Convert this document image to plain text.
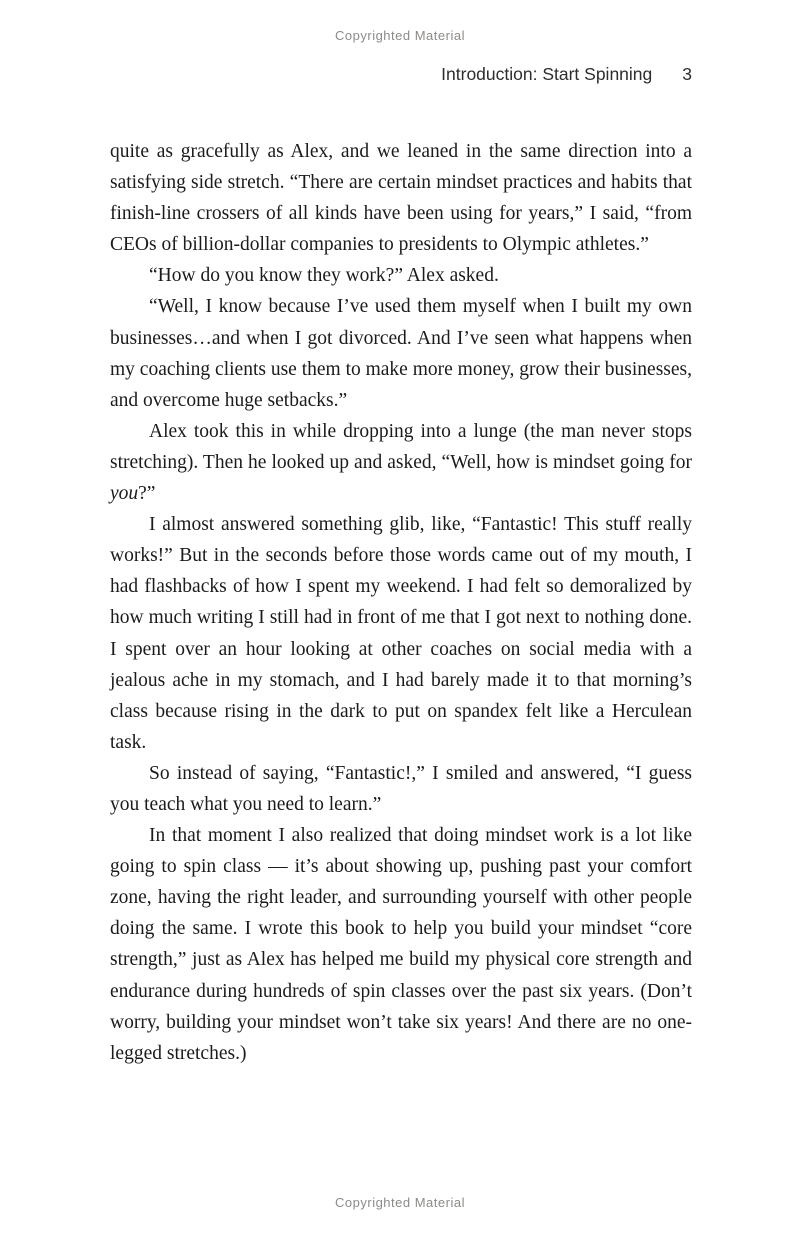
Copyrighted Material
Introduction: Start Spinning 3

quite as gracefully as Alex, and we leaned in the same direction into a satisfying side stretch. “There are certain mindset practices and habits that finish-line crossers of all kinds have been using for years,” I said, “from CEOs of billion-dollar companies to presidents to Olympic athletes.”

“How do you know they work?” Alex asked.

“Well, I know because I’ve used them myself when I built my own businesses…and when I got divorced. And I’ve seen what happens when my coaching clients use them to make more money, grow their businesses, and overcome huge setbacks.”

Alex took this in while dropping into a lunge (the man never stops stretching). Then he looked up and asked, “Well, how is mindset going for you?”

I almost answered something glib, like, “Fantastic! This stuff really works!” But in the seconds before those words came out of my mouth, I had flashbacks of how I spent my weekend. I had felt so demoralized by how much writing I still had in front of me that I got next to nothing done. I spent over an hour looking at other coaches on social media with a jealous ache in my stomach, and I had barely made it to that morning’s class because rising in the dark to put on spandex felt like a Herculean task.

So instead of saying, “Fantastic!,” I smiled and answered, “I guess you teach what you need to learn.”

In that moment I also realized that doing mindset work is a lot like going to spin class — it’s about showing up, pushing past your comfort zone, having the right leader, and surrounding yourself with other people doing the same. I wrote this book to help you build your mindset “core strength,” just as Alex has helped me build my physical core strength and endurance during hundreds of spin classes over the past six years. (Don’t worry, building your mindset won’t take six years! And there are no one-legged stretches.)

Copyrighted Material
